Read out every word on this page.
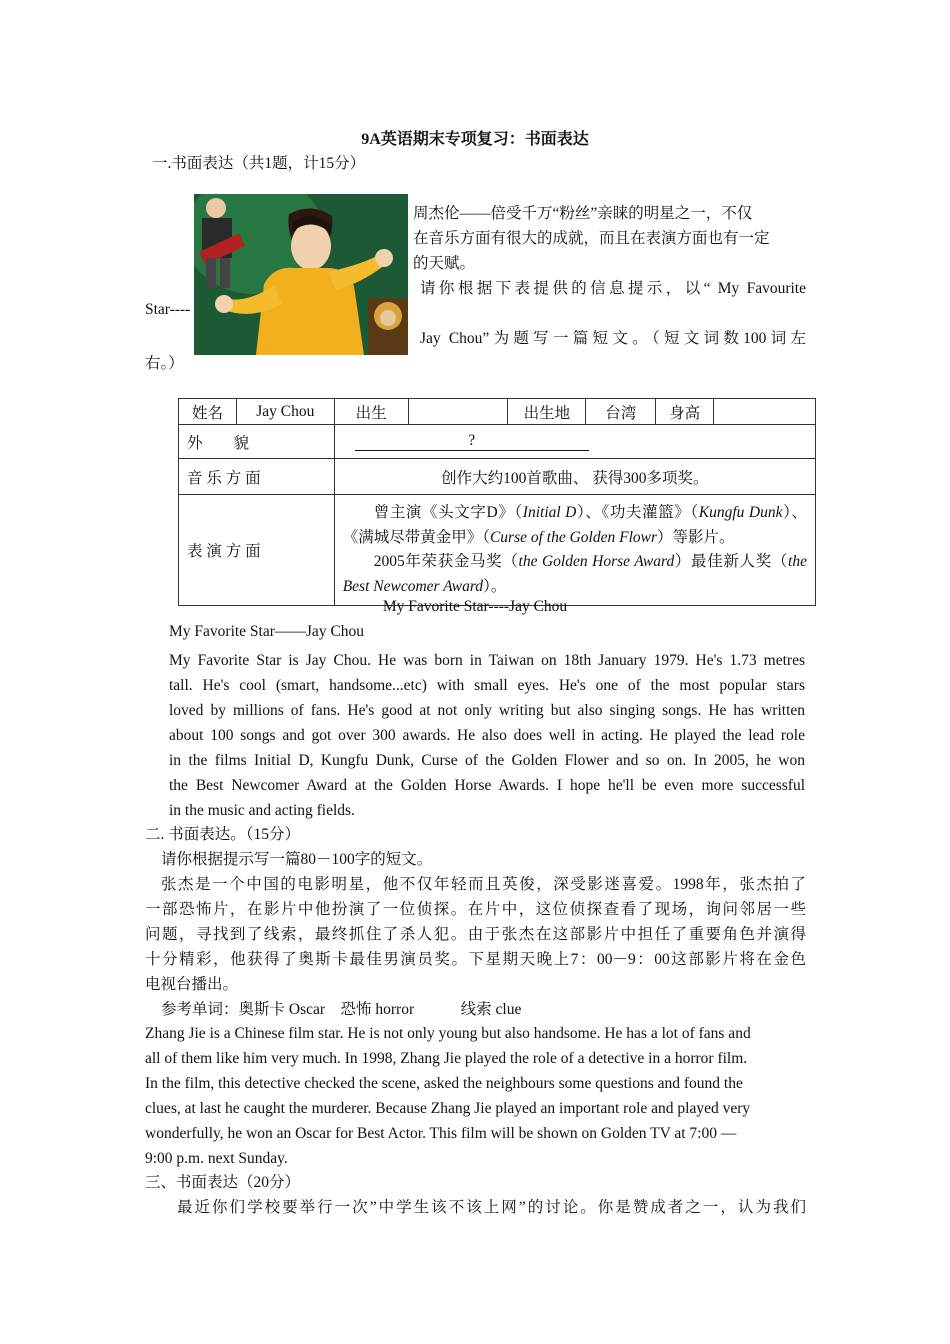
9A英语期末专项复习：书面表达
一.书面表达（共1题，计15分）
周杰伦——倍受千万“粉丝”亲睐的明星之一，不仅
在音乐方面有很大的成就，而且在表演方面也有一定
的天赋。
请你根据下表提供的信息提示，以“ My Favourite
Star----
Jay Chou”为题写一篇短文。（短文词数100词左
右。）
姓名	Jay Chou	出生		出生地	台湾	身高	
外　　貌		?					
音 乐 方 面		创作大约100首歌曲、 获得300多项奖。					
表 演 方 面		曾主演《头文字D》（Initial D）、《功夫灌篮》（Kungfu Dunk）、《满城尽带黄金甲》（Curse of the Golden Flowr）等影片。

2005年荣获金马奖（the Golden Horse Award）最佳新人奖（the Best Newcomer Award）。					

My Favorite Star----Jay Chou
My Favorite Star——Jay Chou
My Favorite Star is Jay Chou. He was born in Taiwan on 18th January 1979. He's 1.73 metres
tall. He's cool (smart, handsome...etc) with small eyes. He's one of the most popular stars
loved by millions of fans. He's good at not only writing but also singing songs. He has written
about 100 songs and got over 300 awards. He also does well in acting. He played the lead role
in the films Initial D, Kungfu Dunk, Curse of the Golden Flower and so on. In 2005, he won
the Best Newcomer Award at the Golden Horse Awards. I hope he'll be even more successful
in the music and acting fields.
二. 书面表达。（15分）
请你根据提示写一篇80－100字的短文。
张杰是一个中国的电影明星，他不仅年轻而且英俊，深受影迷喜爱。1998年，张杰拍了
一部恐怖片，在影片中他扮演了一位侦探。在片中，这位侦探查看了现场，询问邻居一些
问题，寻找到了线索，最终抓住了杀人犯。由于张杰在这部影片中担任了重要角色并演得
十分精彩，他获得了奥斯卡最佳男演员奖。下星期天晚上7：00－9：00这部影片将在金色
电视台播出。
参考单词：奥斯卡 Oscar　恐怖 horror　　　线索 clue
Zhang Jie is a Chinese film star. He is not only young but also handsome. He has a lot of fans and
all of them like him very much. In 1998, Zhang Jie played the role of a detective in a horror film.
In the film, this detective checked the scene, asked the neighbours some questions and found the
clues, at last he caught the murderer. Because Zhang Jie played an important role and played very
wonderfully, he won an Oscar for Best Actor. This film will be shown on Golden TV at 7:00 —
9:00 p.m. next Sunday.
三、书面表达（20分）
最近你们学校要举行一次”中学生该不该上网”的讨论。你是赞成者之一，认为我们
